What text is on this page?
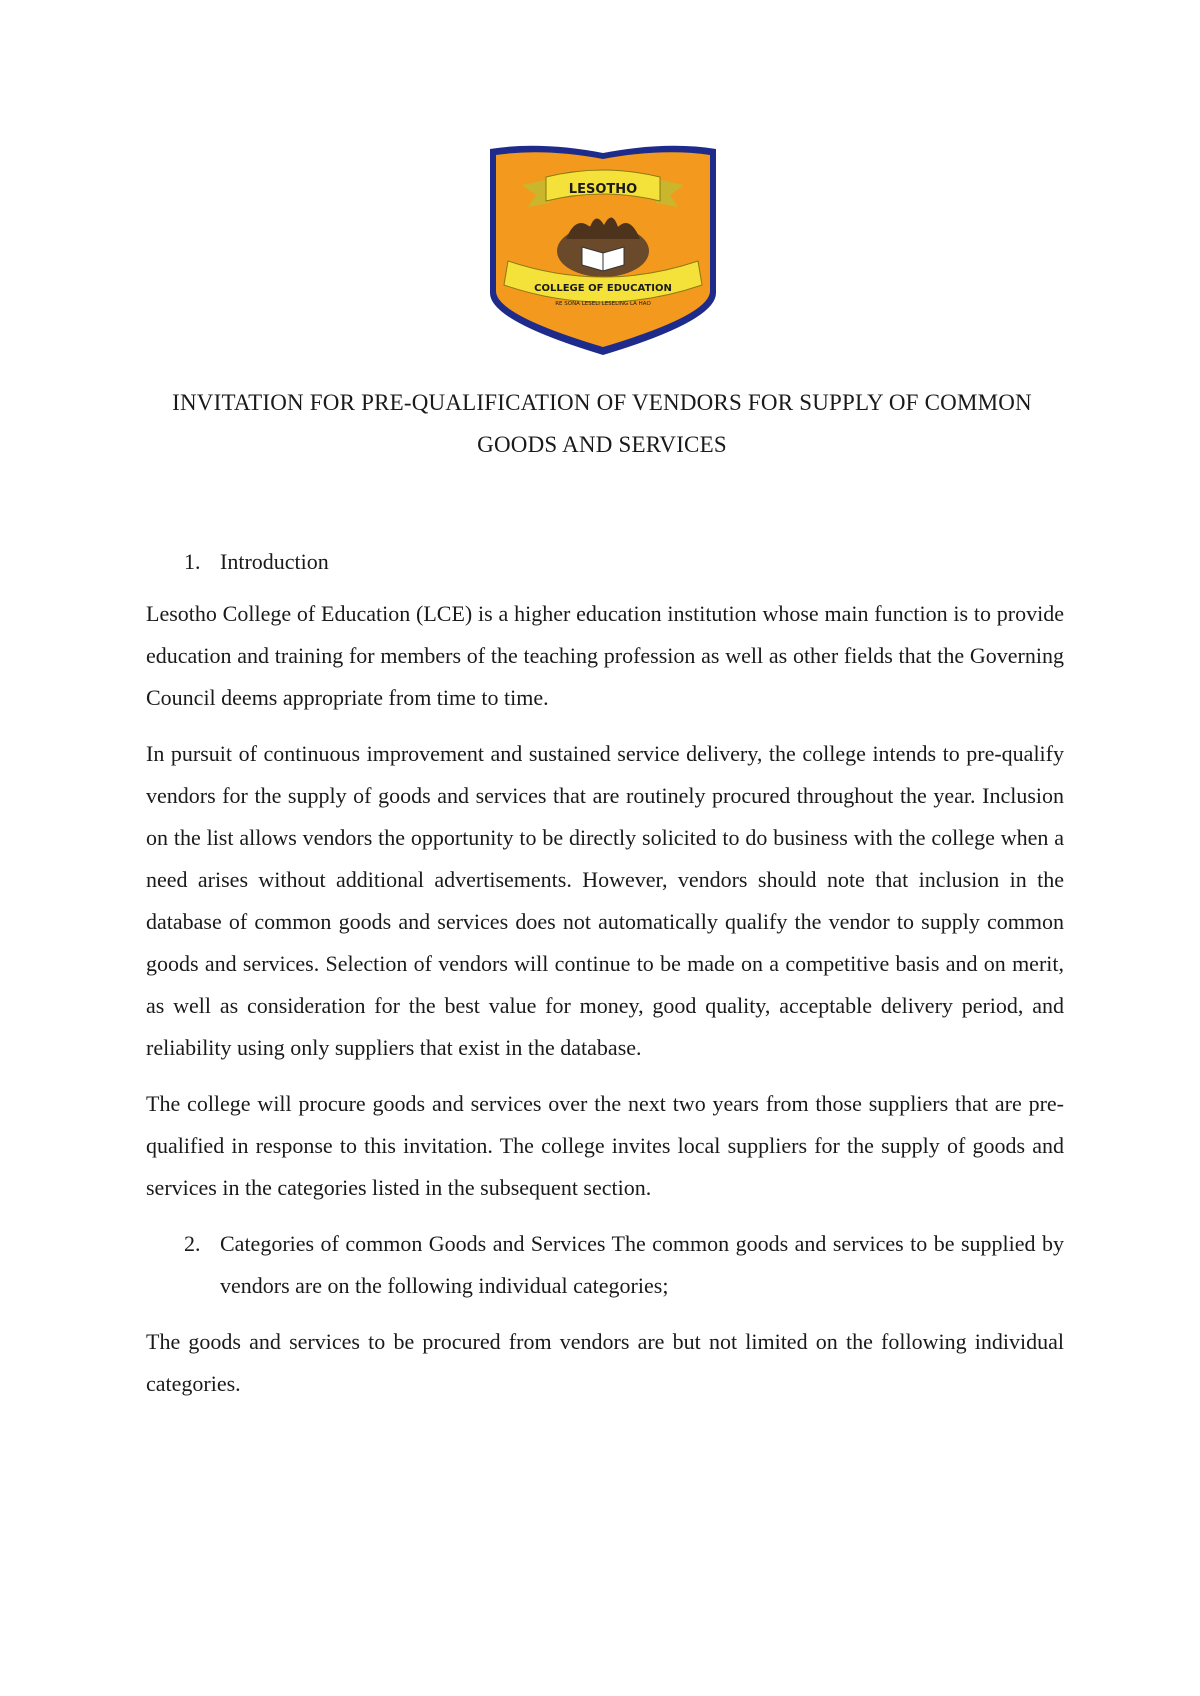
LESOTHO
COLLEGE OF EDUCATION
RE SONA LESELI LESELING LA HAO
INVITATION FOR PRE-QUALIFICATION OF VENDORS FOR SUPPLY OF COMMON
GOODS AND SERVICES
1. Introduction

Lesotho College of Education (LCE) is a higher education institution whose main function is to provide education and training for members of the teaching profession as well as other fields that the Governing Council deems appropriate from time to time.

In pursuit of continuous improvement and sustained service delivery, the college intends to pre-qualify vendors for the supply of goods and services that are routinely procured throughout the year. Inclusion on the list allows vendors the opportunity to be directly solicited to do business with the college when a need arises without additional advertisements. However, vendors should note that inclusion in the database of common goods and services does not automatically qualify the vendor to supply common goods and services. Selection of vendors will continue to be made on a competitive basis and on merit, as well as consideration for the best value for money, good quality, acceptable delivery period, and reliability using only suppliers that exist in the database.

The college will procure goods and services over the next two years from those suppliers that are pre-qualified in response to this invitation. The college invites local suppliers for the supply of goods and services in the categories listed in the subsequent section.

2. Categories of common Goods and Services The common goods and services to be supplied by vendors are on the following individual categories;

The goods and services to be procured from vendors are but not limited on the following individual categories.
